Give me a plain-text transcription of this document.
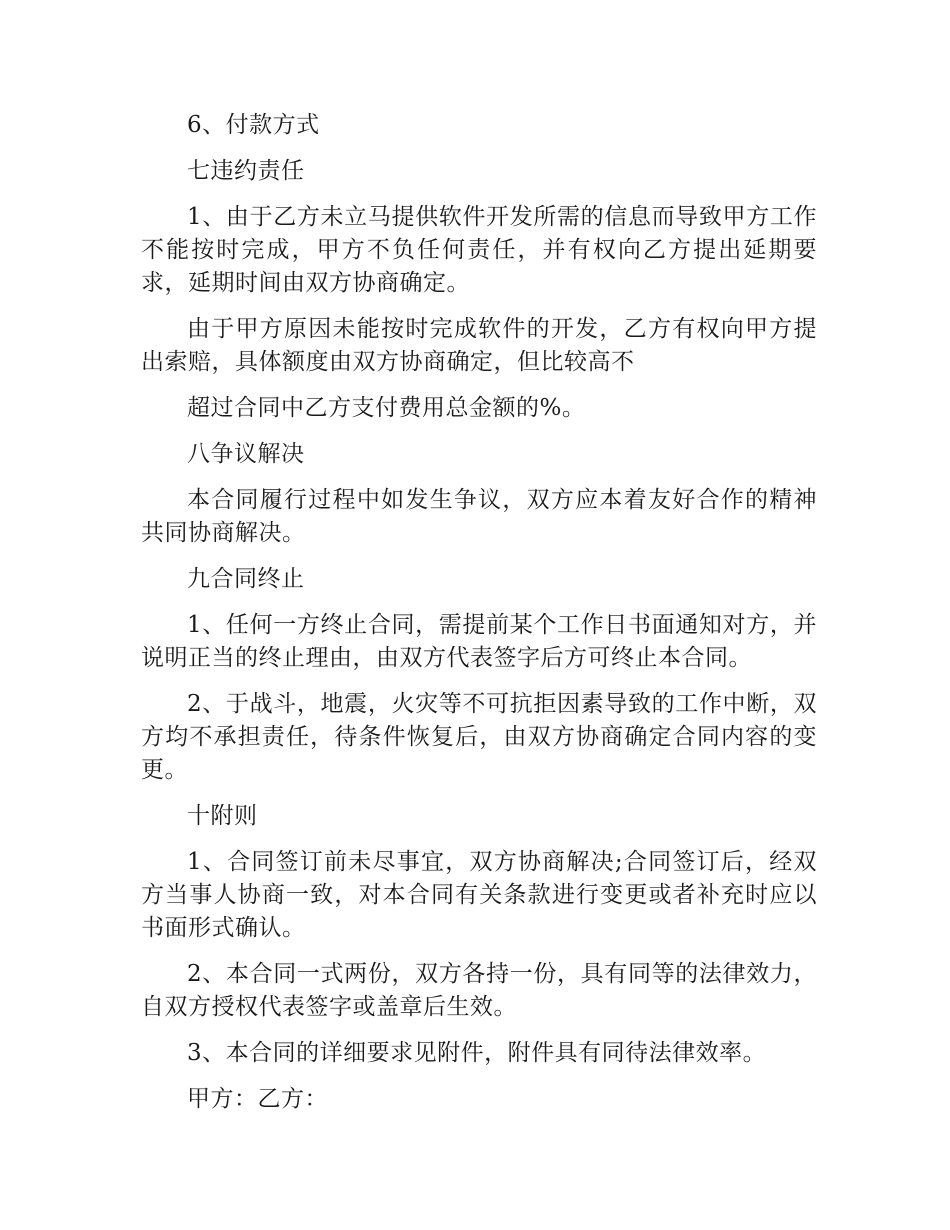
6、付款方式

七违约责任

1、由于乙方未立马提供软件开发所需的信息而导致甲方工作不能按时完成，甲方不负任何责任，并有权向乙方提出延期要求，延期时间由双方协商确定。

由于甲方原因未能按时完成软件的开发，乙方有权向甲方提出索赔，具体额度由双方协商确定，但比较高不

超过合同中乙方支付费用总金额的%。

八争议解决

本合同履行过程中如发生争议，双方应本着友好合作的精神共同协商解决。

九合同终止

1、任何一方终止合同，需提前某个工作日书面通知对方，并说明正当的终止理由，由双方代表签字后方可终止本合同。

2、于战斗，地震，火灾等不可抗拒因素导致的工作中断，双方均不承担责任，待条件恢复后，由双方协商确定合同内容的变更。

十附则

1、合同签订前未尽事宜，双方协商解决;合同签订后，经双方当事人协商一致，对本合同有关条款进行变更或者补充时应以书面形式确认。

2、本合同一式两份，双方各持一份，具有同等的法律效力，自双方授权代表签字或盖章后生效。

3、本合同的详细要求见附件，附件具有同待法律效率。

甲方：乙方：
